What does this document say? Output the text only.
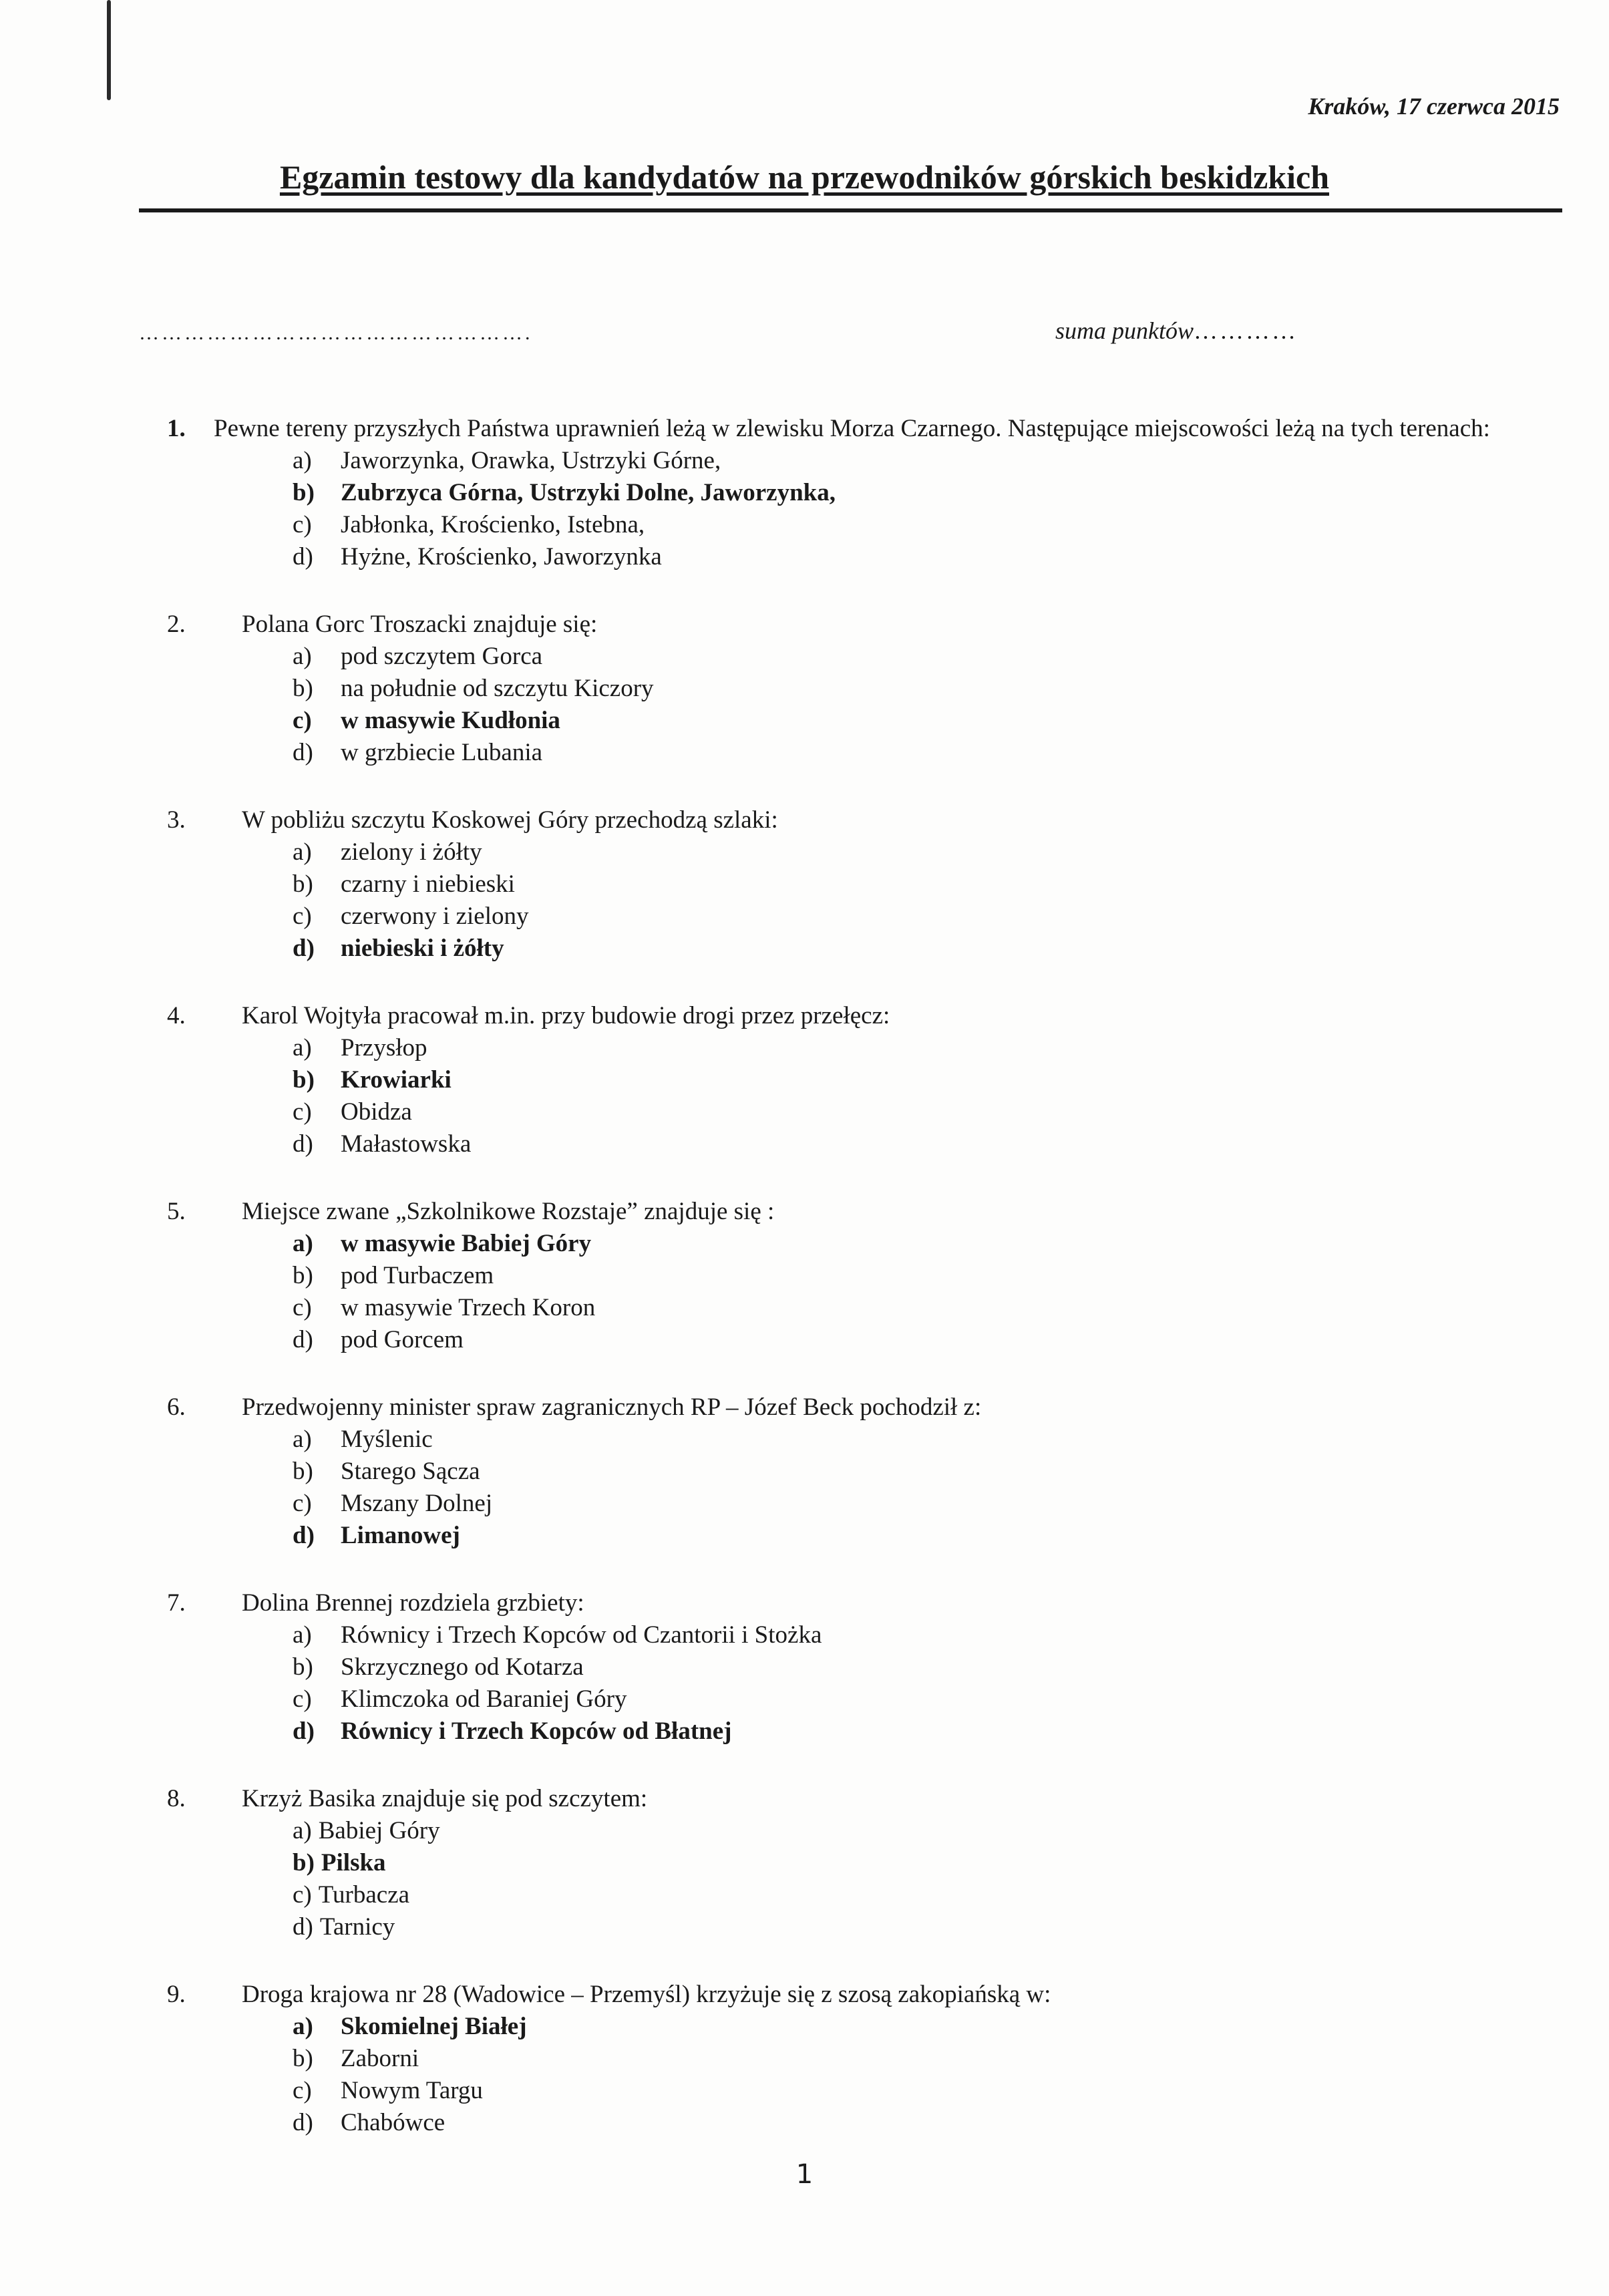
Kraków, 17 czerwca 2015
Egzamin testowy dla kandydatów na przewodników górskich beskidzkich
…………………………………………….	suma punktów…………
1. Pewne tereny przyszłych Państwa uprawnień leżą w zlewisku Morza Czarnego. Następujące miejscowości leżą na tych terenach:
a)	Jaworzynka, Orawka, Ustrzyki Górne,
b)	Zubrzyca Górna, Ustrzyki Dolne, Jaworzynka,
c)	Jabłonka, Krościenko, Istebna,
d)	Hyżne, Krościenko, Jaworzynka
2.	Polana Gorc Troszacki znajduje się:
a)	pod szczytem Gorca
b)	na południe od szczytu Kiczory
c)	w masywie Kudłonia
d)	w grzbiecie Lubania
3.	W pobliżu szczytu Koskowej Góry przechodzą szlaki:
a)	zielony i żółty
b)	czarny i niebieski
c)	czerwony i zielony
d)	niebieski i żółty
4.	Karol Wojtyła pracował m.in. przy budowie drogi przez przełęcz:
a)	Przysłop
b)	Krowiarki
c)	Obidza
d)	Małastowska
5.	Miejsce zwane „Szkolnikowe Rozstaje” znajduje się :
a)	w masywie Babiej Góry
b)	pod Turbaczem
c)	w masywie Trzech Koron
d)	pod Gorcem
6.	Przedwojenny minister spraw zagranicznych RP – Józef Beck pochodził z:
a)	Myślenic
b)	Starego Sącza
c)	Mszany Dolnej
d)	Limanowej
7.	Dolina Brennej rozdziela grzbiety:
a)	Równicy i Trzech Kopców od Czantorii i Stożka
b)	Skrzycznego od Kotarza
c)	Klimczoka od Baraniej Góry
d)	Równicy i Trzech Kopców od Błatnej
8.	Krzyż Basika znajduje się pod szczytem:
a) Babiej Góry
b) Pilska
c) Turbacza
d) Tarnicy
9.	Droga krajowa nr 28 (Wadowice – Przemyśl) krzyżuje się z szosą zakopiańską w:
a)	Skomielnej Białej
b)	Zaborni
c)	Nowym Targu
d)	Chabówce
1
